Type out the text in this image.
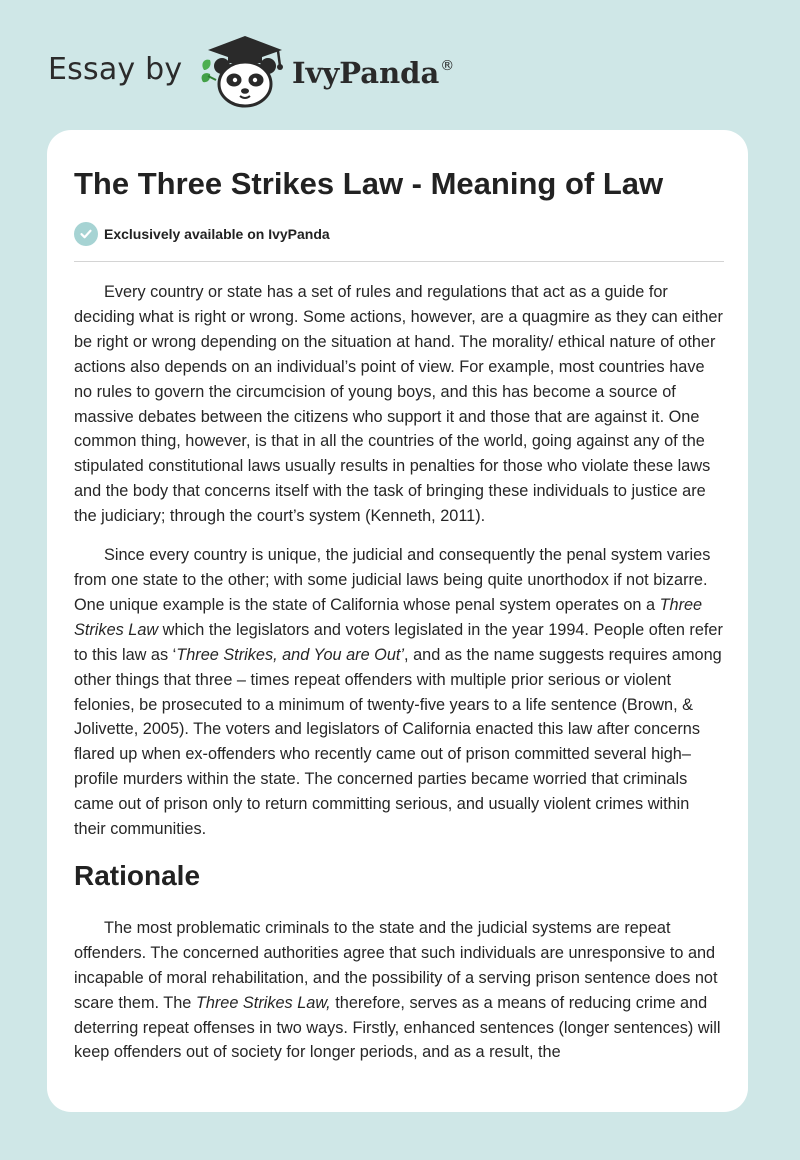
Essay by	IvyPanda®
The Three Strikes Law - Meaning of Law
Exclusively available on IvyPanda

Every country or state has a set of rules and regulations that act as a guide for deciding what is right or wrong. Some actions, however, are a quagmire as they can either be right or wrong depending on the situation at hand. The morality/ ethical nature of other actions also depends on an individual’s point of view. For example, most countries have no rules to govern the circumcision of young boys, and this has become a source of massive debates between the citizens who support it and those that are against it. One common thing, however, is that in all the countries of the world, going against any of the stipulated constitutional laws usually results in penalties for those who violate these laws and the body that concerns itself with the task of bringing these individuals to justice are the judiciary; through the court’s system (Kenneth, 2011).

Since every country is unique, the judicial and consequently the penal system varies from one state to the other; with some judicial laws being quite unorthodox if not bizarre. One unique example is the state of California whose penal system operates on a Three Strikes Law which the legislators and voters legislated in the year 1994. People often refer to this law as ‘Three Strikes, and You are Out’, and as the name suggests requires among other things that three – times repeat offenders with multiple prior serious or violent felonies, be prosecuted to a minimum of twenty-five years to a life sentence (Brown, & Jolivette, 2005). The voters and legislators of California enacted this law after concerns flared up when ex-offenders who recently came out of prison committed several high–profile murders within the state. The concerned parties became worried that criminals came out of prison only to return committing serious, and usually violent crimes within their communities.

Rationale

The most problematic criminals to the state and the judicial systems are repeat offenders. The concerned authorities agree that such individuals are unresponsive to and incapable of moral rehabilitation, and the possibility of a serving prison sentence does not scare them. The Three Strikes Law, therefore, serves as a means of reducing crime and deterring repeat offenses in two ways. Firstly, enhanced sentences (longer sentences) will keep offenders out of society for longer periods, and as a result, the
